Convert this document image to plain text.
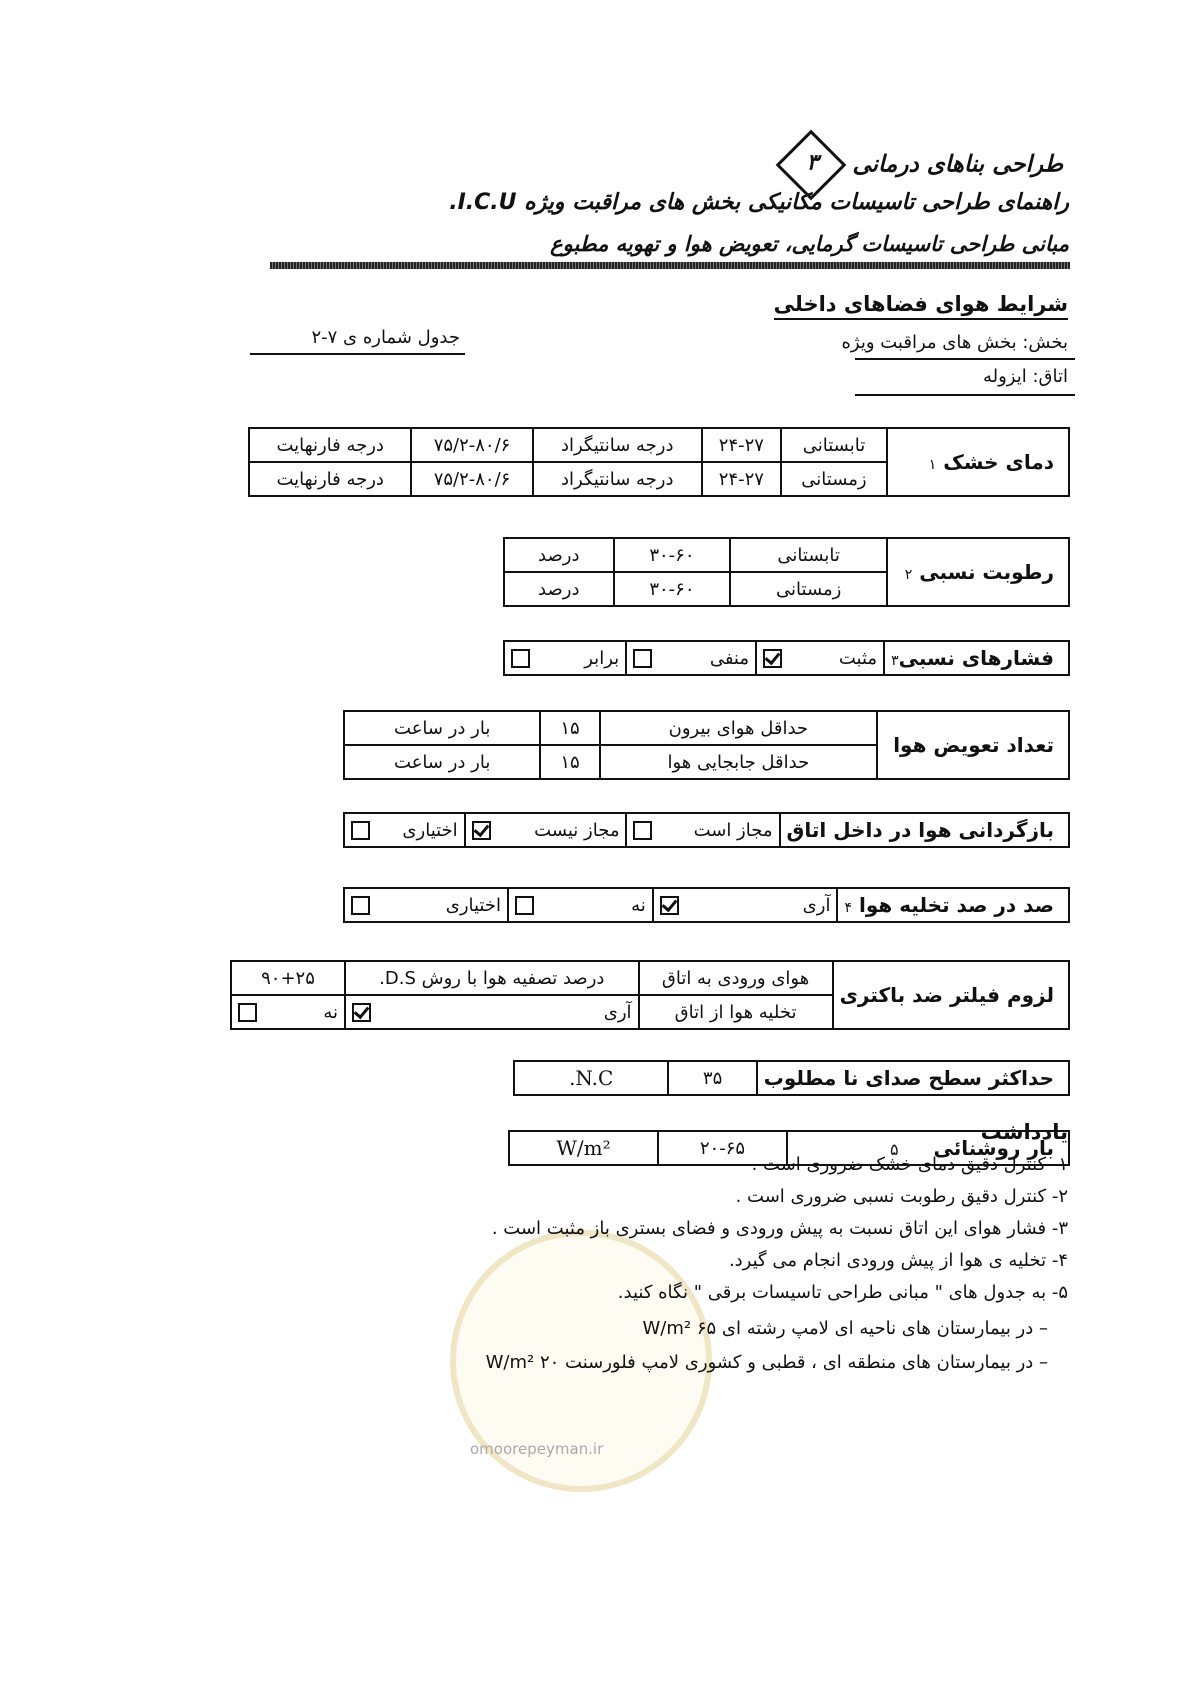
طراحی بناهای درمانی ۳
راهنمای طراحی تاسیسات مکانیکی بخش های مراقبت ویژه I.C.U.
مبانی طراحی تاسیسات گرمایی، تعویض هوا و تهویه مطبوع
شرایط هوای فضاهای داخلی
بخش: بخش های مراقبت ویژه
اتاق: ایزوله
جدول شماره ی ۷-۲
دمای خشک ۱	تابستانی	۲۴-۲۷	درجه سانتیگراد	۷۵/۲-۸۰/۶	درجه فارنهایت
	زمستانی	۲۴-۲۷	درجه سانتیگراد	۷۵/۲-۸۰/۶	درجه فارنهایت
رطوبت نسبی ۲	تابستانی	۳۰-۶۰	درصد
	زمستانی	۳۰-۶۰	درصد
فشارهای نسبی۳	
مثبت

منفی

برابر
تعداد تعویض هوا	حداقل هوای بیرون	۱۵	بار در ساعت
	حداقل جابجایی هوا	۱۵	بار در ساعت
بازگردانی هوا در داخل اتاق	
مجاز است

مجاز نیست

اختیاری
صد در صد تخلیه هوا ۴	
آری

نه

اختیاری
لزوم فیلتر ضد باکتری	هوای ورودی به اتاق	درصد تصفیه هوا با روش D.S.	۹۰+۲۵
	تخلیه هوا از اتاق	آری	نه
حداکثر سطح صدای نا مطلوب	۳۵	N.C.
بار روشنائی     ۵	۲۰-۶۵	W/m²
omoorepeyman.ir
یادداشت
۱- کنترل دقیق دمای خشک ضروری است .
۲- کنترل دقیق رطوبت نسبی ضروری است .
۳- فشار هوای این اتاق نسبت به پیش ورودی و فضای بستری باز مثبت است .
۴- تخلیه ی هوا از پیش ورودی انجام می گیرد.
۵- به جدول های " مبانی طراحی تاسیسات برقی " نگاه کنید.
– در بیمارستان های ناحیه ای لامپ رشته ای ۶۵ W/m²
– در بیمارستان های منطقه ای ، قطبی و کشوری لامپ فلورسنت ۲۰ W/m²
